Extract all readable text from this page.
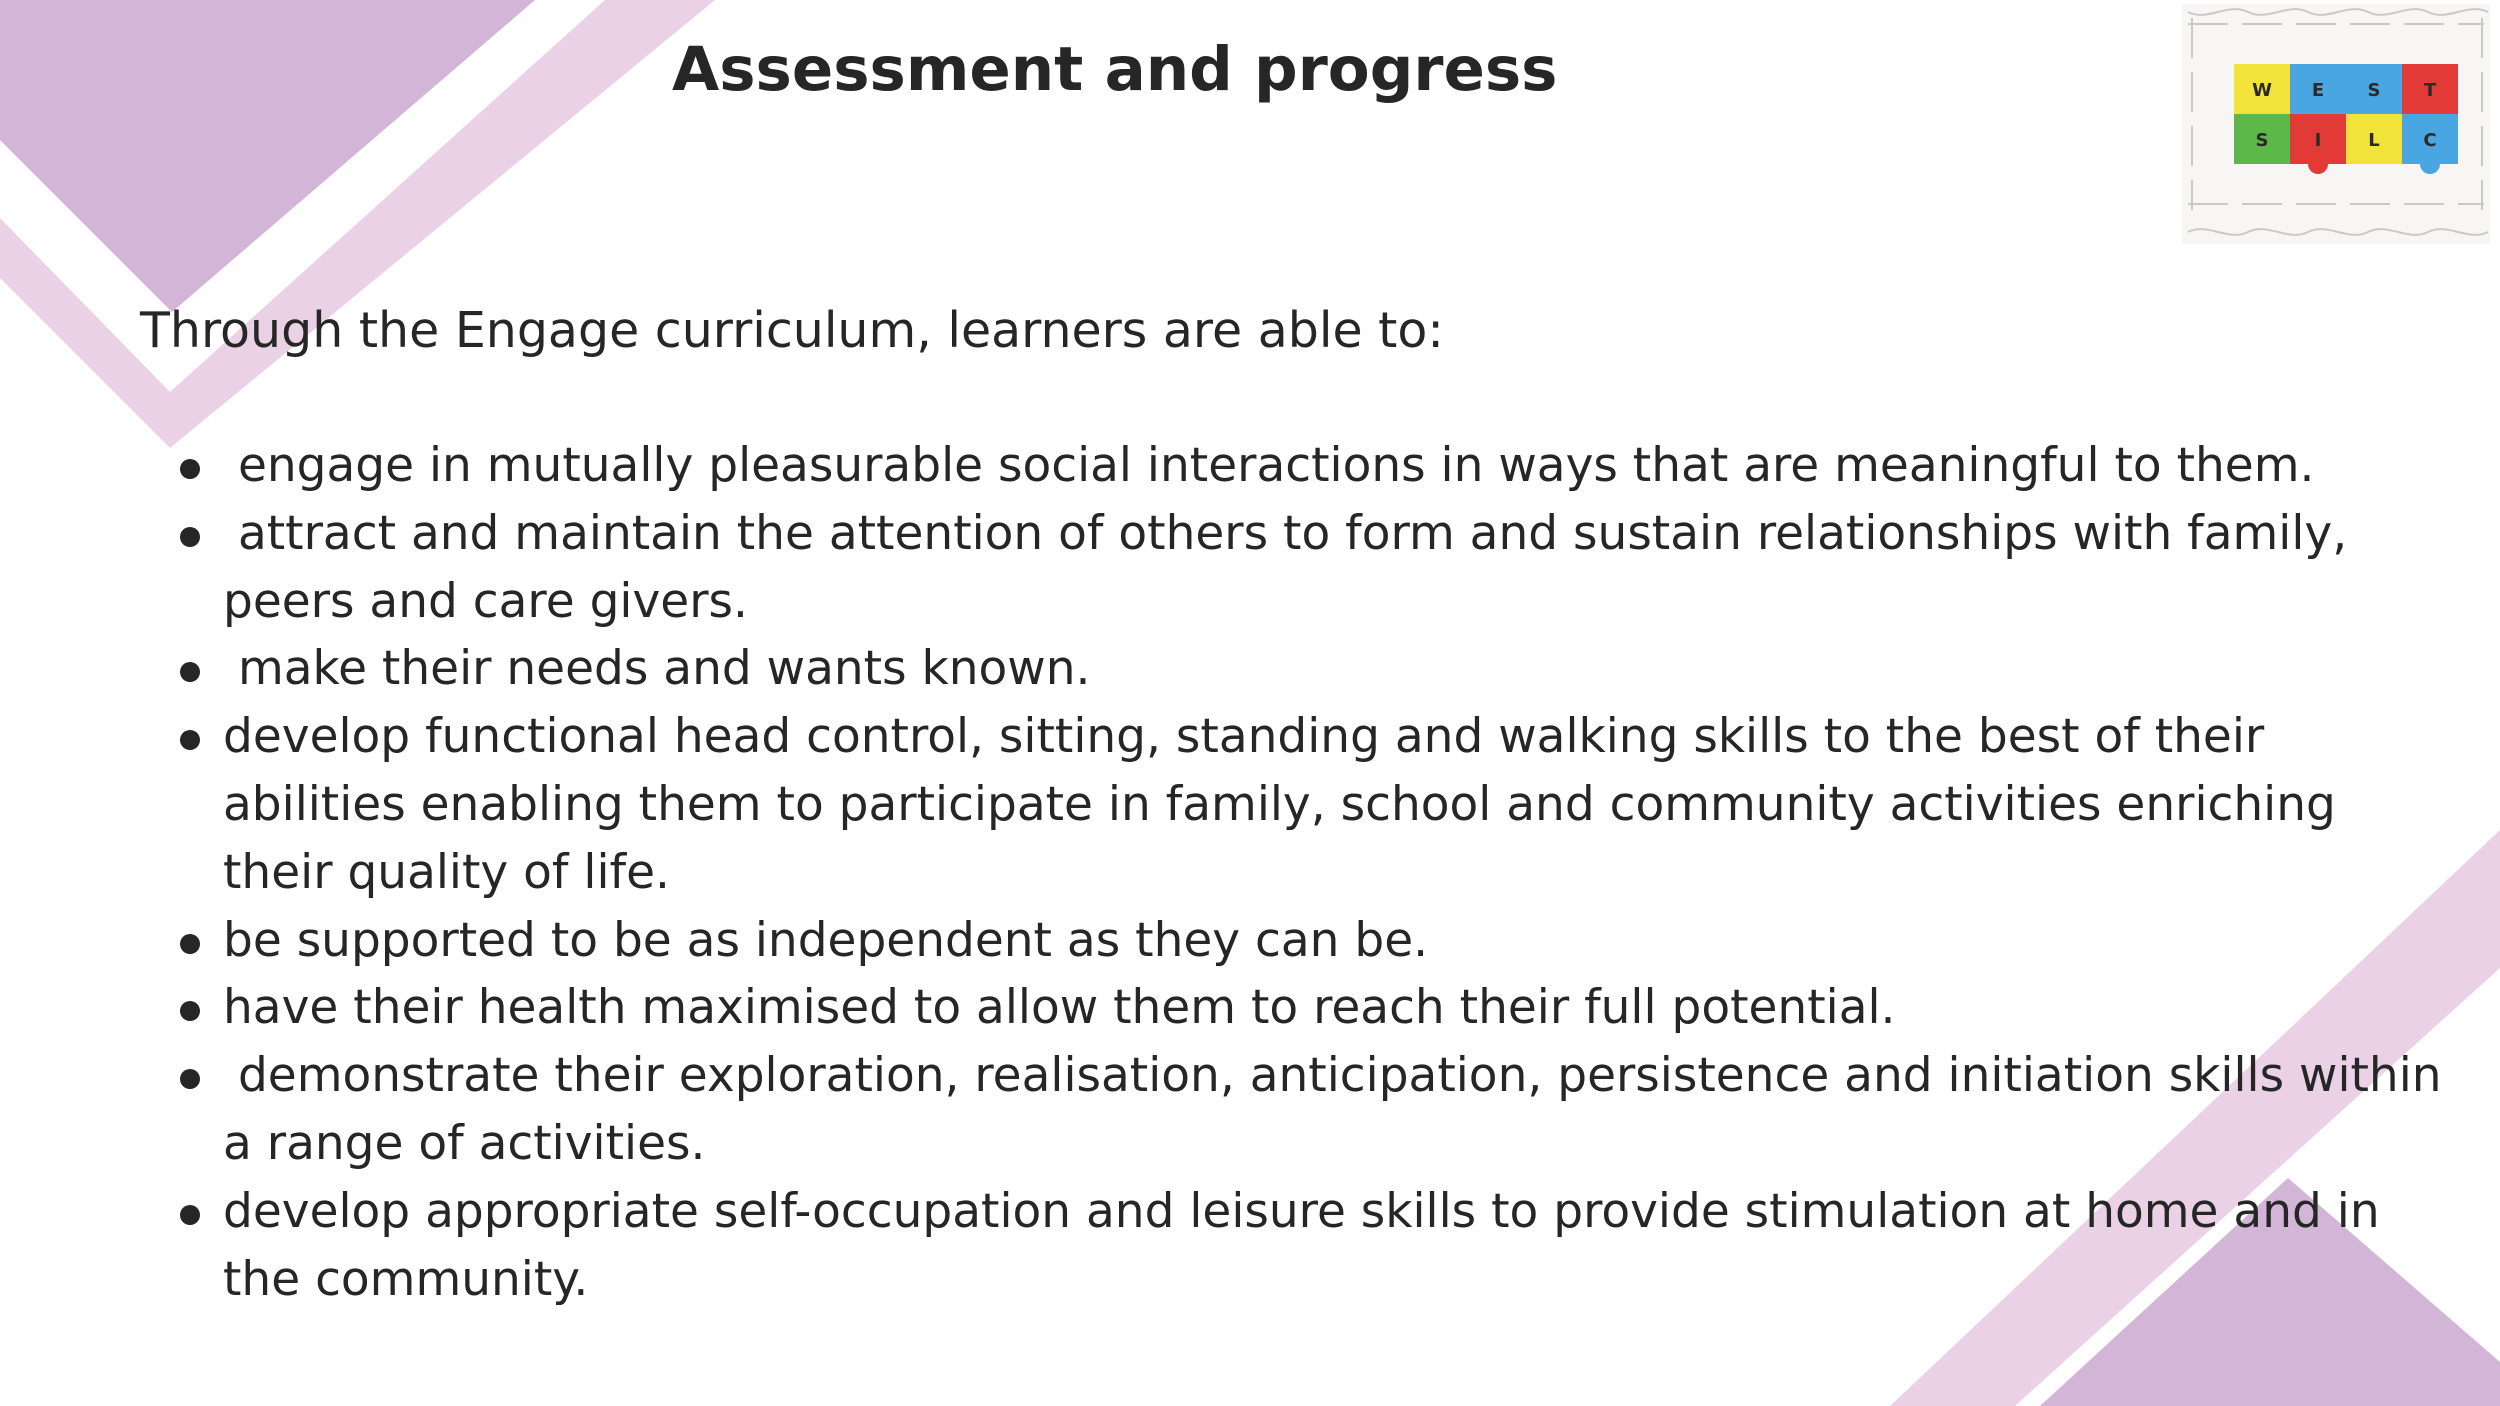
Assessment and progress	W E S T
S	I	L C

Through the Engage curriculum, learners are able to:

engage in mutually pleasurable social interactions in ways that are meaningful to them.
attract and maintain the attention of others to form and sustain relationships with family, peers and care givers.
make their needs and wants known.
develop functional head control, sitting, standing and walking skills to the best of their abilities enabling them to participate in family, school and community activities enriching their quality of life.
be supported to be as independent as they can be.
have their health maximised to allow them to reach their full potential.
demonstrate their exploration, realisation, anticipation, persistence and initiation skills within a range of activities.
develop appropriate self-occupation and leisure skills to provide stimulation at home and in the community.
